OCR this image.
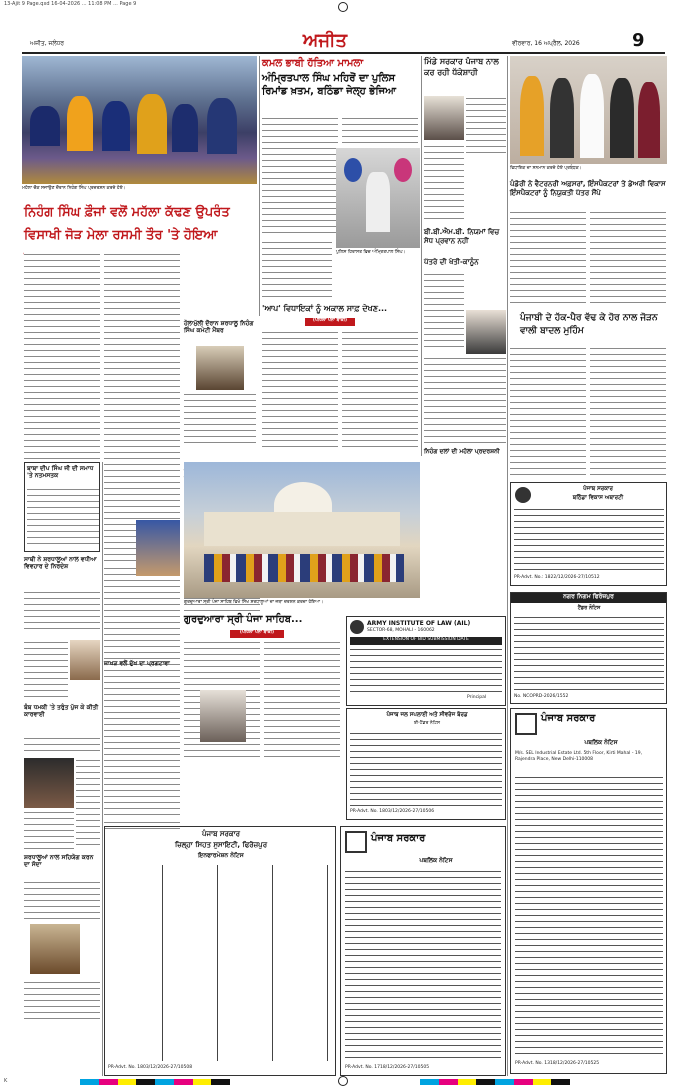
13-Ajit 9 Page.qxd 16-04-2026 ... 11:08 PM ... Page 9
K
ਅਜੀਤ, ਜਲੰਧਰ	ਅਜੀਤ	ਵੀਰਵਾਰ, 16 ਅਪ੍ਰੈਲ, 2026	9
ਮਹੱਲਾ ਚੌਕ ਸਜਾਉਣ ਦੌਰਾਨ ਨਿਹੰਗ ਸਿੰਘ ਪ੍ਰਦਰਸ਼ਨ ਕਰਦੇ ਹੋਏ।
ਨਿਹੰਗ ਸਿੰਘ ਫ਼ੌਜਾਂ ਵਲੋਂ ਮਹੱਲਾ ਕੱਢਣ ਉਪਰੰਤ
ਵਿਸਾਖੀ ਜੋੜ ਮੇਲਾ ਰਸਮੀ ਤੌਰ 'ਤੇ ਹੋਇਆ
ਬਾਬਾ ਦੀਪ ਸਿੰਘ ਜੀ ਦੀ ਸਮਾਧ 'ਤੇ ਨਤਮਸਤਕ
ਸਾਥੀ ਨੇ ਸ਼ਰਧਾਲੂਆਂ ਨਾਲ ਵਧੀਆ ਵਿਵਹਾਰ ਦੇ ਨਿਰਦੇਸ਼
ਬੰਬ ਧਮਕੀ 'ਤੇ ਤਰੁੰਤ ਪੁੱਜ ਕੇ ਕੀਤੀ ਕਾਰਵਾਈ
ਸ਼ਰਧਾਲੂਆਂ ਨਾਲ ਸਹਿਯੋਗ ਕਰਨ ਦਾ ਸੱਦਾ
ਕਮਲ ਭਾਬੀ ਹੱਤਿਆ ਮਾਮਲਾ
ਅੰਮ੍ਰਿਤਪਾਲ ਸਿੰਘ ਮਹਿਰੋਂ ਦਾ ਪੁਲਿਸ ਰਿਮਾਂਡ ਖ਼ਤਮ, ਬਠਿੰਡਾ ਜੇਲ੍ਹ ਭੇਜਿਆ
ਪੁਲਿਸ ਹਿਰਾਸਤ ਵਿਚ ਅੰਮ੍ਰਿਤਪਾਲ ਸਿੰਘ।
'ਆਪ' ਵਿਧਾਇਕਾਂ ਨੂੰ ਅਕਾਲ ਸਾਫ਼ ਦੇਖਣ...
(ਪਹਿਲਾ ਪੰਨਾ ਬਾਕੀ)
ਹੋਲਾਮੁੱਲੀ ਦੌਰਾਨ ਸ਼ਰਧਾਲੂ ਨਿਹੰਗ ਸਿੰਘ ਕਮੇਟੀ ਮੈਂਬਰ
ਗੁਰਦੁਆਰਾ ਸ੍ਰੀ ਪੰਜਾ ਸਾਹਿਬ ਵਿਖੇ ਸਿੱਖ ਸ਼ਰਧਾਲੂਆਂ ਦਾ ਜਥਾ ਦਰਸ਼ਨ ਕਰਦਾ ਹੋਇਆ।
ਗੁਰਦੁਆਰਾ ਸ੍ਰੀ ਪੰਜਾ ਸਾਹਿਬ...
(ਪਹਿਲਾ ਪੰਨਾ ਬਾਕੀ)
ਜਾਖੜ ਵਲੋਂ ਦੁੱਖ ਦਾ ਪ੍ਰਗਟਾਵਾ
ARMY INSTITUTE OF LAW (AIL)
SECTOR-68, MOHALI - 160062
EXTENSION OF BID SUBMISSION DATE
Principal
ਪੰਜਾਬ ਜਲ ਸਪਲਾਈ ਅਤੇ ਸੀਵਰੇਜ ਬੋਰਡ
ਈ-ਟੈਂਡਰ ਨੋਟਿਸ
PR-Advt. No. 1803/12/2026-27/10506
ਮਿੱਡੇ ਸਰਕਾਰ ਪੰਜਾਬ ਨਾਲ ਕਰ ਰਹੀ ਧੱਕੇਸ਼ਾਹੀ
ਬੀ.ਬੀ.ਐਮ.ਬੀ. ਨਿਯਮਾਂ ਵਿਚ ਸੋਧ ਪ੍ਰਵਾਨ ਨਹੀਂ
ਪੱਤਰੇ ਦੀ ਖੇਤੀ-ਕਾਨੂੰਨ
ਨਿਹੰਗ ਦਲਾਂ ਦੀ ਮਹੱਲਾ ਪ੍ਰਦਰਸ਼ਨੀ
ਵਿਧਾਇਕ ਦਾ ਸਨਮਾਨ ਕਰਦੇ ਹੋਏ ਪ੍ਰਬੰਧਕ।
ਪੰਡੋਰੀ ਨੇ ਵੈਟਰਨਰੀ ਅਫ਼ਸਰਾਂ, ਇੰਸਪੈਕਟਰਾਂ ਤੇ ਡੇਅਰੀ ਵਿਕਾਸ ਇੰਸਪੈਕਟਰਾਂ ਨੂੰ ਨਿਯੁਕਤੀ ਪੱਤਰ ਸੌਂਪੇ
ਪੰਜਾਬੀ ਦੇ ਹੱਕ-ਪੈਰ ਵੱਢ ਕੇ ਹੋਰ ਨਾਲ ਜੋੜਨ ਵਾਲੀ ਬਾਦਲ ਮੁਹਿੰਮ
ਪੰਜਾਬ ਸਰਕਾਰ
ਬਠਿੰਡਾ ਵਿਕਾਸ ਅਥਾਰਟੀ
PR-Advt. No.: 1822/12/2026-27/10512
ਨਗਰ ਨਿਗਮ ਫਿਰੋਜ਼ਪੁਰ
ਟੈਂਡਰ ਨੋਟਿਸ
No. NCOPRD-2026/1552
ਪੰਜਾਬ ਸਰਕਾਰ
ਪਬਲਿਕ ਨੋਟਿਸ
M/s. SEL Industrial Estate Ltd. 5th Floor, Kirti Mahal - 19, Rajendra Place, New Delhi-110008
PR-Advt. No. 1318/12/2026-27/10525
ਪੰਜਾਬ ਸਰਕਾਰ
ਜ਼ਿਲ੍ਹਾ ਸਿਹਤ ਸੁਸਾਇਟੀ, ਫਿਰੋਜ਼ਪੁਰ
ਇਨਫਾਰਮੇਸ਼ਨ ਨੋਟਿਸ
PR-Advt. No. 1803/12/2026-27/10508
ਪੰਜਾਬ ਸਰਕਾਰ
ਪਬਲਿਕ ਨੋਟਿਸ
PR-Advt. No. 1718/12/2026-27/10505
